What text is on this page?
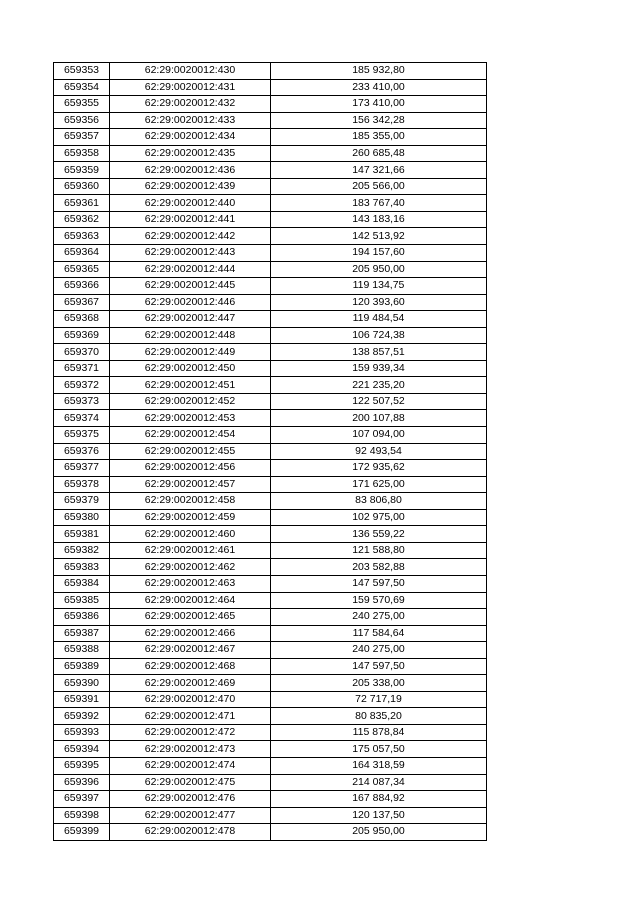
659353	62:29:0020012:430	185 932,80
659354	62:29:0020012:431	233 410,00
659355	62:29:0020012:432	173 410,00
659356	62:29:0020012:433	156 342,28
659357	62:29:0020012:434	185 355,00
659358	62:29:0020012:435	260 685,48
659359	62:29:0020012:436	147 321,66
659360	62:29:0020012:439	205 566,00
659361	62:29:0020012:440	183 767,40
659362	62:29:0020012:441	143 183,16
659363	62:29:0020012:442	142 513,92
659364	62:29:0020012:443	194 157,60
659365	62:29:0020012:444	205 950,00
659366	62:29:0020012:445	119 134,75
659367	62:29:0020012:446	120 393,60
659368	62:29:0020012:447	119 484,54
659369	62:29:0020012:448	106 724,38
659370	62:29:0020012:449	138 857,51
659371	62:29:0020012:450	159 939,34
659372	62:29:0020012:451	221 235,20
659373	62:29:0020012:452	122 507,52
659374	62:29:0020012:453	200 107,88
659375	62:29:0020012:454	107 094,00
659376	62:29:0020012:455	92 493,54
659377	62:29:0020012:456	172 935,62
659378	62:29:0020012:457	171 625,00
659379	62:29:0020012:458	83 806,80
659380	62:29:0020012:459	102 975,00
659381	62:29:0020012:460	136 559,22
659382	62:29:0020012:461	121 588,80
659383	62:29:0020012:462	203 582,88
659384	62:29:0020012:463	147 597,50
659385	62:29:0020012:464	159 570,69
659386	62:29:0020012:465	240 275,00
659387	62:29:0020012:466	117 584,64
659388	62:29:0020012:467	240 275,00
659389	62:29:0020012:468	147 597,50
659390	62:29:0020012:469	205 338,00
659391	62:29:0020012:470	72 717,19
659392	62:29:0020012:471	80 835,20
659393	62:29:0020012:472	115 878,84
659394	62:29:0020012:473	175 057,50
659395	62:29:0020012:474	164 318,59
659396	62:29:0020012:475	214 087,34
659397	62:29:0020012:476	167 884,92
659398	62:29:0020012:477	120 137,50
659399	62:29:0020012:478	205 950,00
